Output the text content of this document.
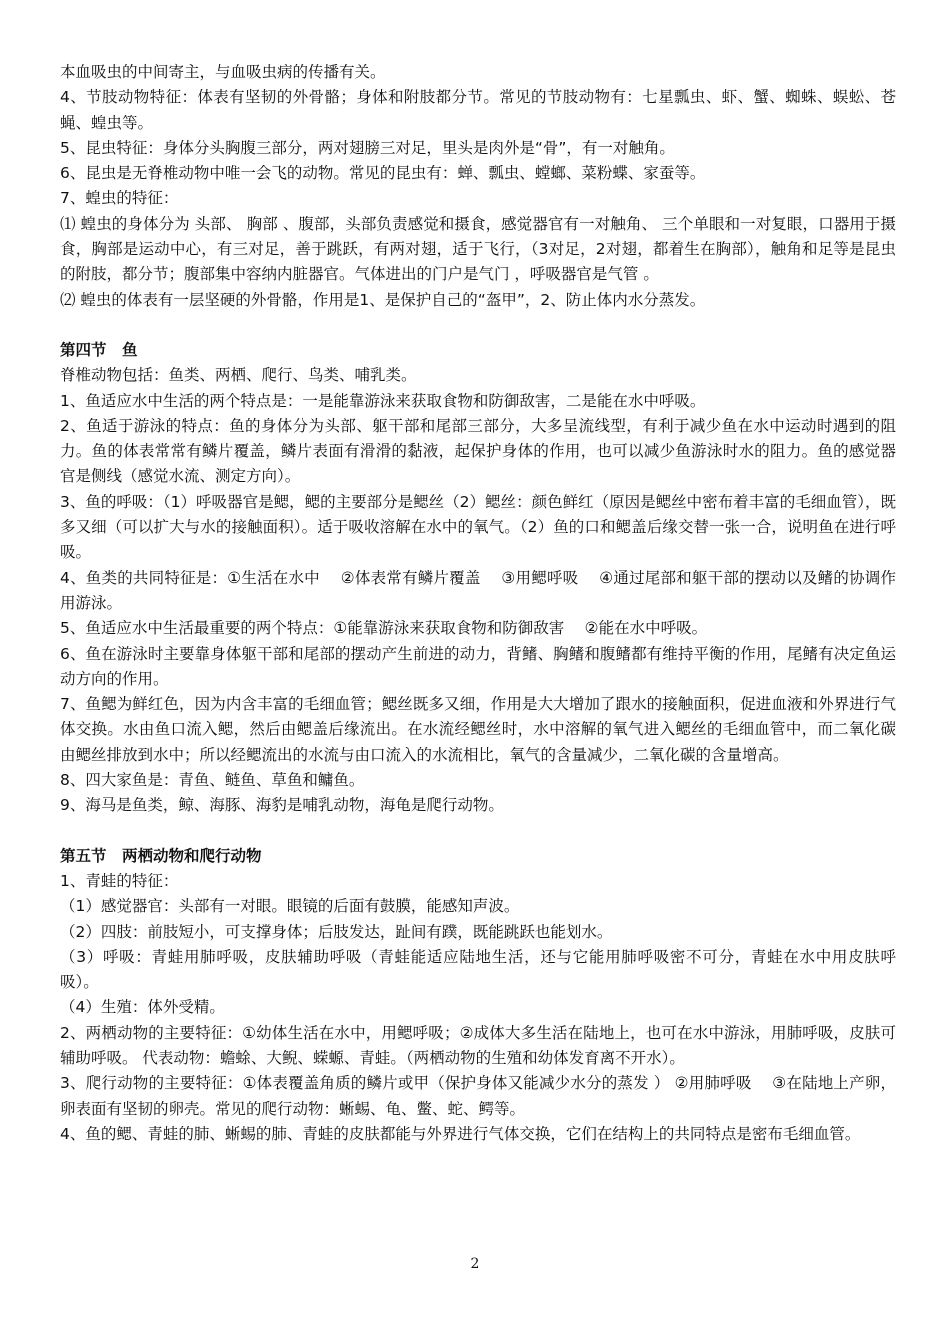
本血吸虫的中间寄主，与血吸虫病的传播有关。

4、节肢动物特征：体表有坚韧的外骨骼；身体和附肢都分节。常见的节肢动物有：七星瓢虫、虾、蟹、蜘蛛、蜈蚣、苍蝇、蝗虫等。

5、昆虫特征：身体分头胸腹三部分，两对翅膀三对足，里头是肉外是“骨”，有一对触角。

6、昆虫是无脊椎动物中唯一会飞的动物。常见的昆虫有：蝉、瓢虫、螳螂、菜粉蝶、家蚕等。

7、蝗虫的特征：

⑴ 蝗虫的身体分为 头部、 胸部 、腹部，头部负责感觉和摄食，感觉器官有一对触角、 三个单眼和一对复眼，口器用于摄食，胸部是运动中心，有三对足，善于跳跃，有两对翅，适于飞行，（3对足，2对翅，都着生在胸部），触角和足等是昆虫的附肢，都分节；腹部集中容纳内脏器官。气体进出的门户是气门 ，呼吸器官是气管 。

⑵ 蝗虫的体表有一层坚硬的外骨骼，作用是1、是保护自己的“盔甲”，2、防止体内水分蒸发。

第四节　鱼

脊椎动物包括：鱼类、两栖、爬行、鸟类、哺乳类。

1、鱼适应水中生活的两个特点是：一是能靠游泳来获取食物和防御敌害，二是能在水中呼吸。

2、鱼适于游泳的特点：鱼的身体分为头部、躯干部和尾部三部分，大多呈流线型，有利于减少鱼在水中运动时遇到的阻力。鱼的体表常常有鳞片覆盖，鳞片表面有滑滑的黏液，起保护身体的作用，也可以减少鱼游泳时水的阻力。鱼的感觉器官是侧线（感觉水流、测定方向）。

3、鱼的呼吸：（1）呼吸器官是鳃，鳃的主要部分是鳃丝（2）鳃丝：颜色鲜红（原因是鳃丝中密布着丰富的毛细血管），既多又细（可以扩大与水的接触面积）。适于吸收溶解在水中的氧气。（2）鱼的口和鳃盖后缘交替一张一合，说明鱼在进行呼吸。

4、鱼类的共同特征是：①生活在水中　 ②体表常有鳞片覆盖　 ③用鳃呼吸　 ④通过尾部和躯干部的摆动以及鳍的协调作用游泳。

5、鱼适应水中生活最重要的两个特点：①能靠游泳来获取食物和防御敌害　 ②能在水中呼吸。

6、鱼在游泳时主要靠身体躯干部和尾部的摆动产生前进的动力，背鳍、胸鳍和腹鳍都有维持平衡的作用，尾鳍有决定鱼运动方向的作用。

7、鱼鳃为鲜红色，因为内含丰富的毛细血管；鳃丝既多又细，作用是大大增加了跟水的接触面积，促进血液和外界进行气体交换。水由鱼口流入鳃，然后由鳃盖后缘流出。在水流经鳃丝时，水中溶解的氧气进入鳃丝的毛细血管中，而二氧化碳由鳃丝排放到水中；所以经鳃流出的水流与由口流入的水流相比，氧气的含量减少，二氧化碳的含量增高。

8、四大家鱼是：青鱼、鲢鱼、草鱼和鳙鱼。

9、海马是鱼类，鲸、海豚、海豹是哺乳动物，海龟是爬行动物。

第五节　两栖动物和爬行动物

1、青蛙的特征：

（1）感觉器官：头部有一对眼。眼镜的后面有鼓膜，能感知声波。

（2）四肢：前肢短小，可支撑身体；后肢发达，趾间有蹼，既能跳跃也能划水。

（3）呼吸：青蛙用肺呼吸，皮肤辅助呼吸（青蛙能适应陆地生活，还与它能用肺呼吸密不可分，青蛙在水中用皮肤呼吸）。

（4）生殖：体外受精。

2、两栖动物的主要特征：①幼体生活在水中，用鳃呼吸；②成体大多生活在陆地上，也可在水中游泳，用肺呼吸，皮肤可辅助呼吸。 代表动物：蟾蜍、大鲵、蝾螈、青蛙。（两栖动物的生殖和幼体发育离不开水）。

3、爬行动物的主要特征：①体表覆盖角质的鳞片或甲（保护身体又能减少水分的蒸发 ） ②用肺呼吸　 ③在陆地上产卵，卵表面有坚韧的卵壳。常见的爬行动物：蜥蜴、龟、鳖、蛇、鳄等。

4、鱼的鳃、青蛙的肺、蜥蜴的肺、青蛙的皮肤都能与外界进行气体交换，它们在结构上的共同特点是密布毛细血管。

2
